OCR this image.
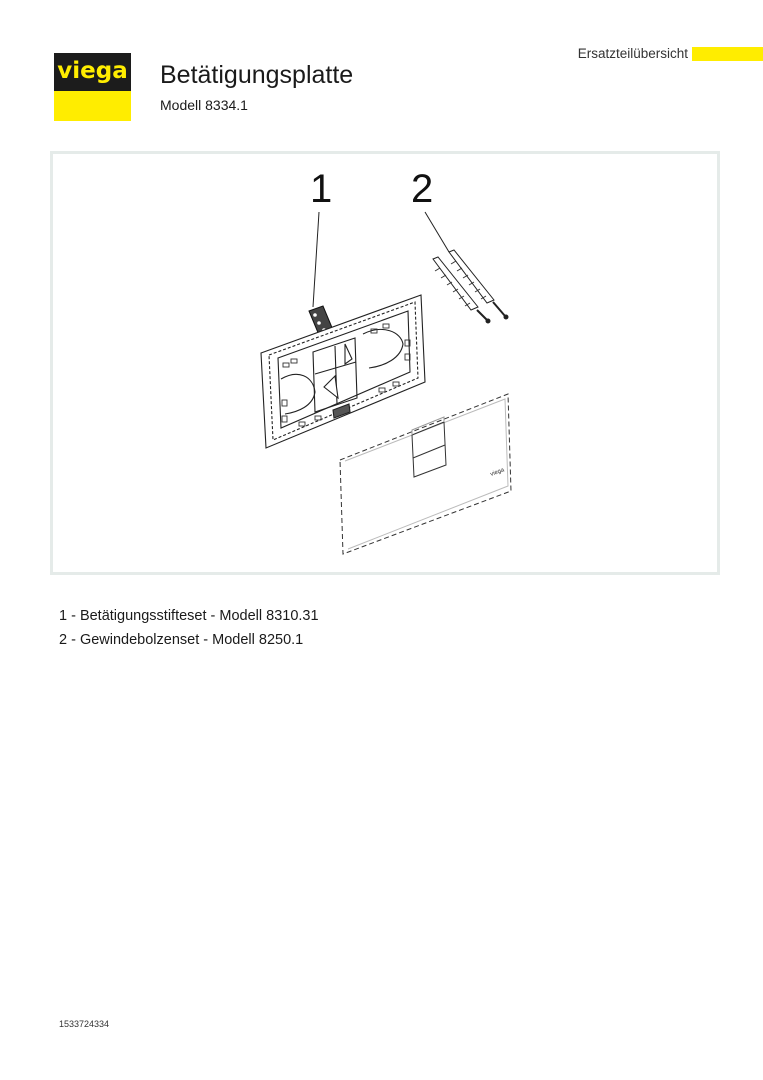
viega Betätigungsplatte
Modell 8334.1
Ersatzteilübersicht
1 2
viega
1 - Betätigungsstifteset - Modell 8310.31
2 - Gewindebolzenset - Modell 8250.1
1533724334
